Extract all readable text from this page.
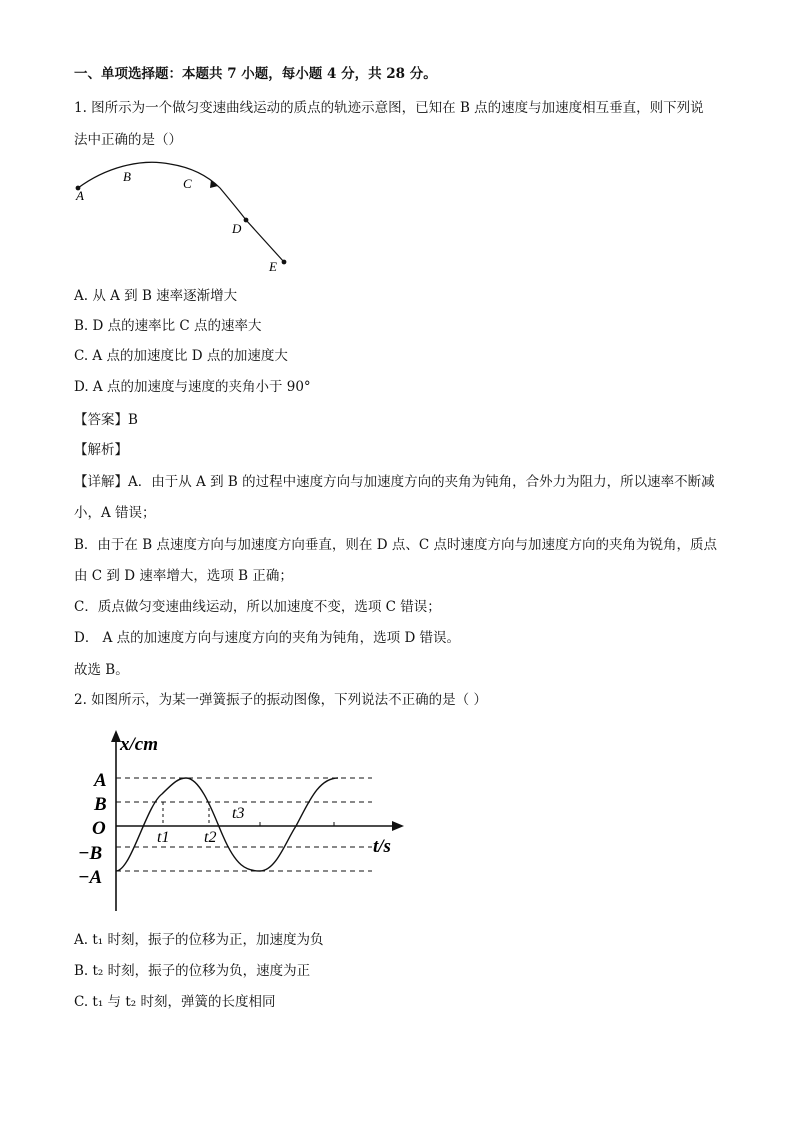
一、单项选择题：本题共 7 小题，每小题 4 分，共 28 分。
1. 图所示为一个做匀变速曲线运动的质点的轨迹示意图，已知在 B 点的速度与加速度相互垂直，则下列说
法中正确的是（）
A
B	C
D
E
A. 从 A 到 B 速率逐渐增大
B. D 点的速率比 C 点的速率大
C. A 点的加速度比 D 点的加速度大
D. A 点的加速度与速度的夹角小于 90°
【答案】B
【解析】
【详解】A．由于从 A 到 B 的过程中速度方向与加速度方向的夹角为钝角，合外力为阻力，所以速率不断减
小，A 错误；
B．由于在 B 点速度方向与加速度方向垂直，则在 D 点、C 点时速度方向与加速度方向的夹角为锐角，质点
由 C 到 D 速率增大，选项 B 正确；
C．质点做匀变速曲线运动，所以加速度不变，选项 C 错误；
D． A 点的加速度方向与速度方向的夹角为钝角，选项 D 错误。
故选 B。
2. 如图所示，为某一弹簧振子的振动图像，下列说法不正确的是（ ）
x/cm
A
B
O
−B
−A
t/s
t1 t2
t3
A. t₁ 时刻，振子的位移为正，加速度为负
B. t₂ 时刻，振子的位移为负，速度为正
C. t₁ 与 t₂ 时刻，弹簧的长度相同
